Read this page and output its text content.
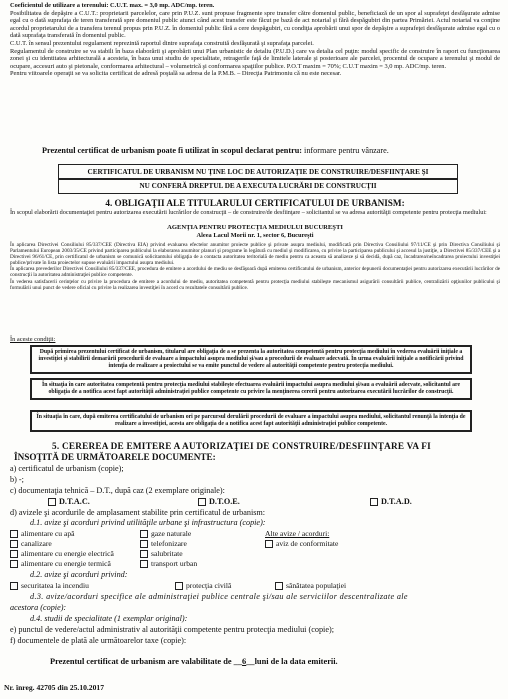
Coeficientul de utilizare a terenului: C.U.T. max. = 3,0 mp. ADC/mp. teren.

Posibilitatea de depăşire a C.U.T.: proprietarii parcelelor, care prin P.U.Z. sunt propuse fragmente spre transfer către domeniul public, beneficiază de un spor al suprafeţei desfăşurate admise egal cu o dată suprafaţa de teren transferată spre domeniul public atunci când acest transfer este făcut pe bază de act notarial şi fără despăgubiri din partea Primăriei. Actul notarial va conţine acordul proprietarului de a transfera terenul propus prin P.U.Z. în domeniul public fără a cere despăgubiri, cu condiţia aprobării unui spor de depăşire a suprafeţei desfăşurate admise egal cu o dată suprafaţa transferată în domeniul public.

C.U.T. în sensul prezentului regulament reprezintă raportul dintre suprafaţa construită desfăşurată şi suprafaţa parcelei.

Regulamentul de construire se va stabili în baza elaborării şi aprobării unui Plan urbanistic de detaliu (P.U.D.) care va detalia cel puţin: modul specific de construire în raport cu funcţionarea zonei şi cu identitatea arhitecturală a acesteia, în baza unui studiu de specialitate, retragerile faţă de limitele laterale şi posterioare ale parcelei, procentul de ocupare a terenului şi modul de ocupare, accesuri auto şi pietonale, conformarea arhitectural – volumetrică şi conformarea spaţiilor publice. P.O.T maxim = 70%; C.U.T maxim = 3,0 mp. ADC/mp. teren.

Pentru viitoarele operaţii se va solicita certificat de adresă poştală sa adresa de la P.M.B. – Direcţia Patrimoniu că nu este necesar.

Prezentul certificat de urbanism poate fi utilizat în scopul declarat pentru: informare pentru vânzare.
CERTIFICATUL DE URBANISM NU ŢINE LOC DE AUTORIZAŢIE DE CONSTRUIRE/DESFIINŢARE ŞI
NU CONFERĂ DREPTUL DE A EXECUTA LUCRĂRI DE CONSTRUCŢII
4. OBLIGAŢII ALE TITULARULUI CERTIFICATULUI DE URBANISM:
În scopul elaborării documentaţiei pentru autorizarea executării lucrărilor de construcţii – de construire/de desfiinţare – solicitantul se va adresa autorităţii competente pentru protecţia mediului:
AGENŢIA PENTRU PROTECŢIA MEDIULUI BUCUREŞTI
Aleea Lacul Morii nr. 1, sector 6, Bucureşti

În aplicarea Directivei Consiliului 85/337/CEE (Directiva EIA) privind evaluarea efectelor anumitor proiecte publice şi private asupra mediului, modificată prin Directiva Consiliului 97/11/CE şi prin Directiva Consiliului şi Parlamentului European 2003/35/CE privind participarea publicului la elaborarea anumitor planuri şi programe în legătură cu mediul şi modificarea, cu privire la participarea publicului şi accesul la justiţie, a Directivei 85/337/CEE şi a Directivei 96/61/CE, prin certificatul de urbanism se comunică solicitantului obligaţia de a contacta autoritatea teritorială de mediu pentru ca aceasta să analizeze şi să decidă, după caz, încadrarea/neîncadrarea proiectului investiţiei publice/private în lista proiectelor supuse evaluării impactului asupra mediului.

În aplicarea prevederilor Directivei Consiliului 85/337/CEE, procedura de emitere a acordului de mediu se desfăşoară după emiterea certificatului de urbanism, anterior depunerii documentaţiei pentru autorizarea executării lucrărilor de construcţii la autoritatea administraţiei publice competente.

În vederea satisfacerii cerinţelor cu privire la procedura de emitere a acordului de mediu, autoritatea competentă pentru protecţia mediului stabileşte mecanismul asigurării consultării publice, centralizării opţiunilor publicului şi formulării unui punct de vedere oficial cu privire la realizarea investiţiei în acord cu rezultatele consultării publice.

În aceste condiţii:
După primirea prezentului certificat de urbanism, titularul are obligaţia de a se prezenta la autoritatea competentă pentru protecţia mediului în vederea evaluării iniţiale a investiţiei şi stabilirii demarării procedurii de evaluare a impactului asupra mediului şi/sau a procedurii de evaluare adecvată. În urma evaluării iniţiale a notificării privind intenţia de realizare a proiectului se va emite punctul de vedere al autorităţii competente pentru protecţia mediului.
În situaţia în care autoritatea competentă pentru protecţia mediului stabileşte efectuarea evaluării impactului asupra mediului şi/sau a evaluării adecvate, solicitantul are obligaţia de a notifica acest fapt autorităţii administraţiei publice competente cu privire la menţinerea cererii pentru autorizarea executării lucrărilor de construcţii.
În situaţia în care, după emiterea certificatului de urbanism ori pe parcursul derulării procedurii de evaluare a impactului asupra mediului, solicitantul renunţă la intenţia de realizare a investiţiei, acesta are obligaţia de a notifica acest fapt autorităţii administraţiei publice competente.
5. CEREREA DE EMITERE A AUTORIZAŢIEI DE CONSTRUIRE/DESFIINŢARE VA FI
ÎNSOŢITĂ DE URMĂTOARELE DOCUMENTE:
a) certificatul de urbanism (copie);
b) -;
c) documentaţia tehnică – D.T., după caz (2 exemplare originale):
D.T.A.C.	D.T.O.E.	D.T.A.D.
d) avizele şi acordurile de amplasament stabilite prin certificatul de urbanism:
d.1. avize şi acorduri privind utilităţile urbane şi infrastructura (copie):
alimentare cu apă	gaze naturale	Alte avize / acorduri:
canalizare	telefonizare	aviz de conformitate
alimentare cu energie electrică	salubritate
alimentare cu energie termică	transport urban
d.2. avize şi acorduri privind:
securitatea la incendiu	protecţia civilă	sănătatea populaţiei
d.3. avize/acorduri specifice ale administraţiei publice centrale şi/sau ale serviciilor descentralizate ale
acestora (copie):
d.4. studii de specialitate (1 exemplar original):
e) punctul de vedere/actul administrativ al autorităţii competente pentru protecţia mediului (copie);
f) documentele de plată ale următoarelor taxe (copie):
Prezentul certificat de urbanism are valabilitate de __6__luni de la data emiterii.
Nr. înreg. 42705 din 25.10.2017
